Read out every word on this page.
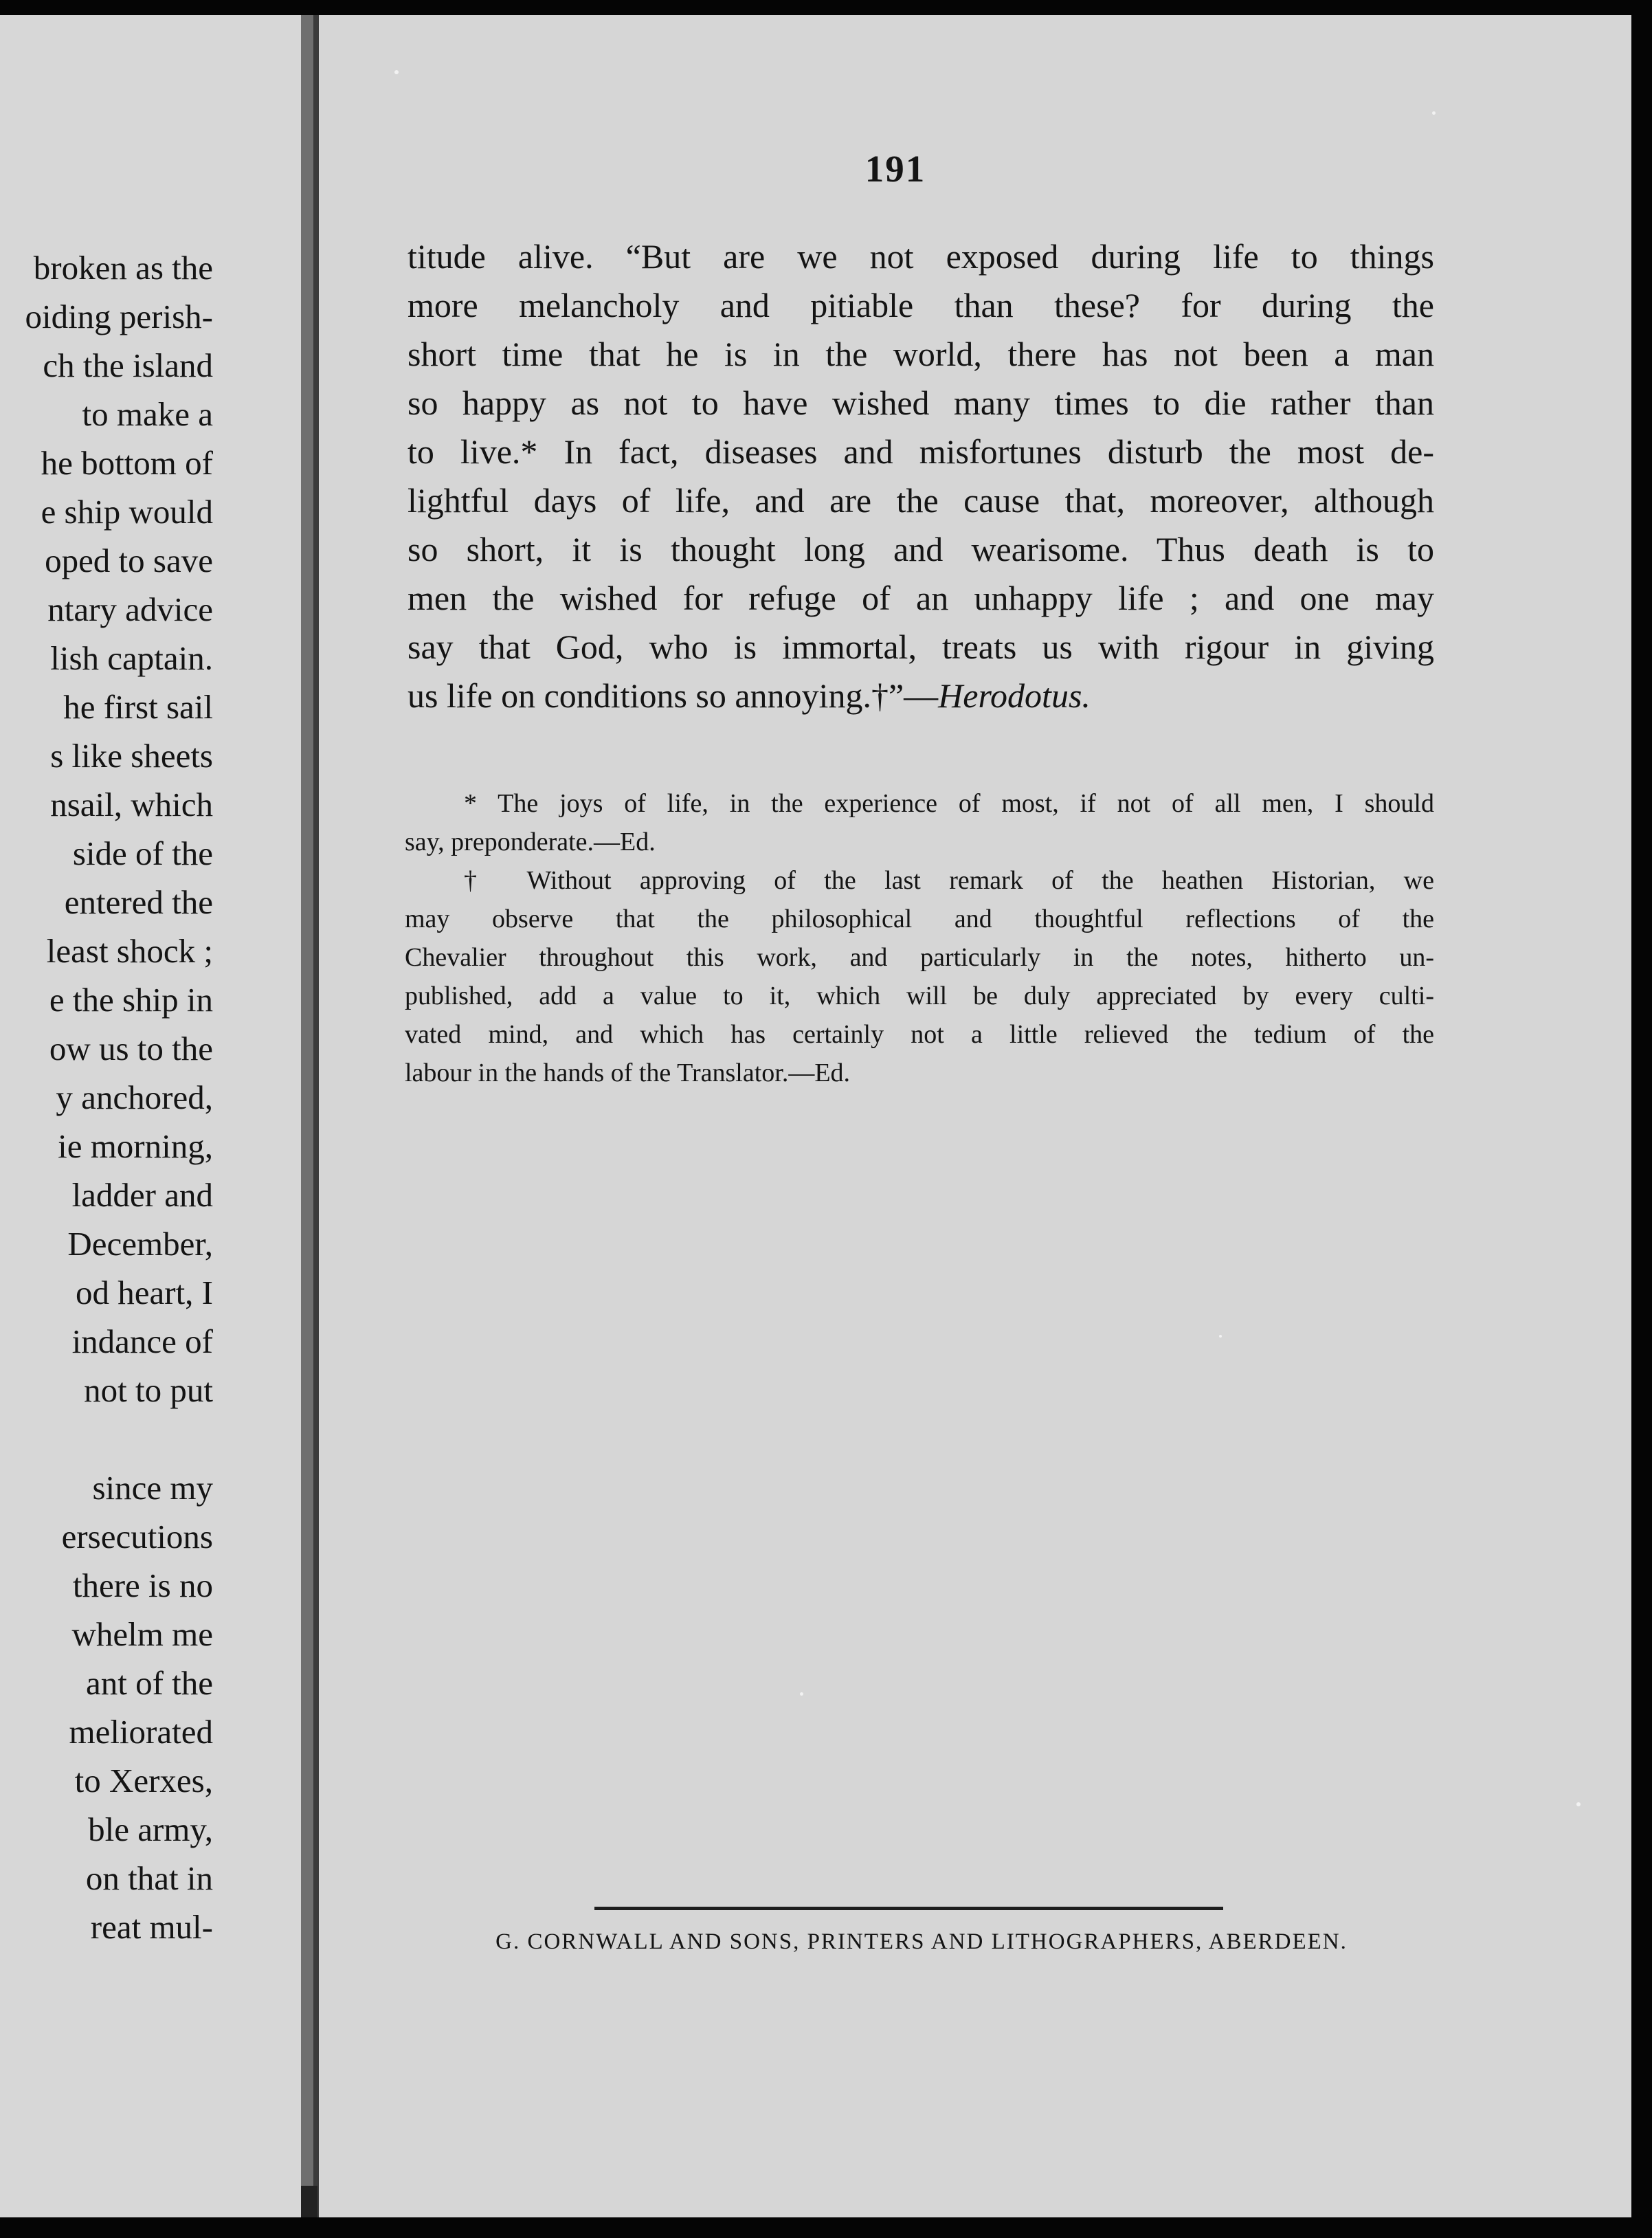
broken as the
oiding perish-
ch the island
to make a
he bottom of
e ship would
oped to save
ntary advice
lish captain.
he first sail
s like sheets
nsail, which
side of the
entered the
least shock ;
e the ship in
ow us to the
y anchored,
ie morning,
ladder and
December,
od heart, I
indance of
not to put
since my
ersecutions
there is no
whelm me
ant of the
meliorated
to Xerxes,
ble army,
on that in
reat mul-
191
titude alive. “But are we not exposed during life to things
more melancholy and pitiable than these? for during the
short time that he is in the world, there has not been a man
so happy as not to have wished many times to die rather than
to live.* In fact, diseases and misfortunes disturb the most de-
lightful days of life, and are the cause that, moreover, although
so short, it is thought long and wearisome. Thus death is to
men the wished for refuge of an unhappy life ; and one may
say that God, who is immortal, treats us with rigour in giving
us life on conditions so annoying.†”—Herodotus.
* The joys of life, in the experience of most, if not of all men, I should
say, preponderate.—Ed.
† Without approving of the last remark of the heathen Historian, we
may observe that the philosophical and thoughtful reflections of the
Chevalier throughout this work, and particularly in the notes, hitherto un-
published, add a value to it, which will be duly appreciated by every culti-
vated mind, and which has certainly not a little relieved the tedium of the
labour in the hands of the Translator.—Ed.
G. CORNWALL AND SONS, PRINTERS AND LITHOGRAPHERS, ABERDEEN.
